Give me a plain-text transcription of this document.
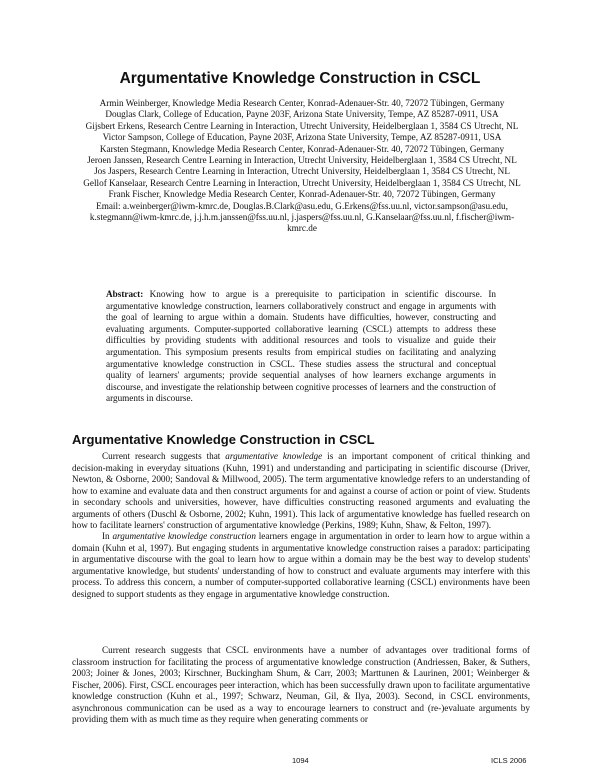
Argumentative Knowledge Construction in CSCL
Armin Weinberger, Knowledge Media Research Center, Konrad-Adenauer-Str. 40, 72072 Tübingen, Germany
Douglas Clark, College of Education, Payne 203F, Arizona State University, Tempe, AZ 85287-0911, USA
Gijsbert Erkens, Research Centre Learning in Interaction, Utrecht University, Heidelberglaan 1, 3584 CS Utrecht, NL
Victor Sampson, College of Education, Payne 203F, Arizona State University, Tempe, AZ 85287-0911, USA
Karsten Stegmann, Knowledge Media Research Center, Konrad-Adenauer-Str. 40, 72072 Tübingen, Germany
Jeroen Janssen, Research Centre Learning in Interaction, Utrecht University, Heidelberglaan 1, 3584 CS Utrecht, NL
Jos Jaspers, Research Centre Learning in Interaction, Utrecht University, Heidelberglaan 1, 3584 CS Utrecht, NL
Gellof Kanselaar, Research Centre Learning in Interaction, Utrecht University, Heidelberglaan 1, 3584 CS Utrecht, NL
Frank Fischer, Knowledge Media Research Center, Konrad-Adenauer-Str. 40, 72072 Tübingen, Germany
Email: a.weinberger@iwm-kmrc.de, Douglas.B.Clark@asu.edu, G.Erkens@fss.uu.nl, victor.sampson@asu.edu, k.stegmann@iwm-kmrc.de, j.j.h.m.janssen@fss.uu.nl, j.jaspers@fss.uu.nl, G.Kanselaar@fss.uu.nl, f.fischer@iwm-kmrc.de
Abstract: Knowing how to argue is a prerequisite to participation in scientific discourse. In argumentative knowledge construction, learners collaboratively construct and engage in arguments with the goal of learning to argue within a domain. Students have difficulties, however, constructing and evaluating arguments. Computer-supported collaborative learning (CSCL) attempts to address these difficulties by providing students with additional resources and tools to visualize and guide their argumentation. This symposium presents results from empirical studies on facilitating and analyzing argumentative knowledge construction in CSCL. These studies assess the structural and conceptual quality of learners' arguments; provide sequential analyses of how learners exchange arguments in discourse, and investigate the relationship between cognitive processes of learners and the construction of arguments in discourse.
Argumentative Knowledge Construction in CSCL

Current research suggests that argumentative knowledge is an important component of critical thinking and decision-making in everyday situations (Kuhn, 1991) and understanding and participating in scientific discourse (Driver, Newton, & Osborne, 2000; Sandoval & Millwood, 2005). The term argumentative knowledge refers to an understanding of how to examine and evaluate data and then construct arguments for and against a course of action or point of view. Students in secondary schools and universities, however, have difficulties constructing reasoned arguments and evaluating the arguments of others (Duschl & Osborne, 2002; Kuhn, 1991). This lack of argumentative knowledge has fuelled research on how to facilitate learners' construction of argumentative knowledge (Perkins, 1989; Kuhn, Shaw, & Felton, 1997).

In argumentative knowledge construction learners engage in argumentation in order to learn how to argue within a domain (Kuhn et al, 1997). But engaging students in argumentative knowledge construction raises a paradox: participating in argumentative discourse with the goal to learn how to argue within a domain may be the best way to develop students' argumentative knowledge, but students' understanding of how to construct and evaluate arguments may interfere with this process. To address this concern, a number of computer-supported collaborative learning (CSCL) environments have been designed to support students as they engage in argumentative knowledge construction.

Current research suggests that CSCL environments have a number of advantages over traditional forms of classroom instruction for facilitating the process of argumentative knowledge construction (Andriessen, Baker, & Suthers, 2003; Joiner & Jones, 2003; Kirschner, Buckingham Shum, & Carr, 2003; Marttunen & Laurinen, 2001; Weinberger & Fischer, 2006). First, CSCL encourages peer interaction, which has been successfully drawn upon to facilitate argumentative knowledge construction (Kuhn et al., 1997; Schwarz, Neuman, Gil, & Ilya, 2003). Second, in CSCL environments, asynchronous communication can be used as a way to encourage learners to construct and (re-)evaluate arguments by providing them with as much time as they require when generating comments or

1094	ICLS 2006
